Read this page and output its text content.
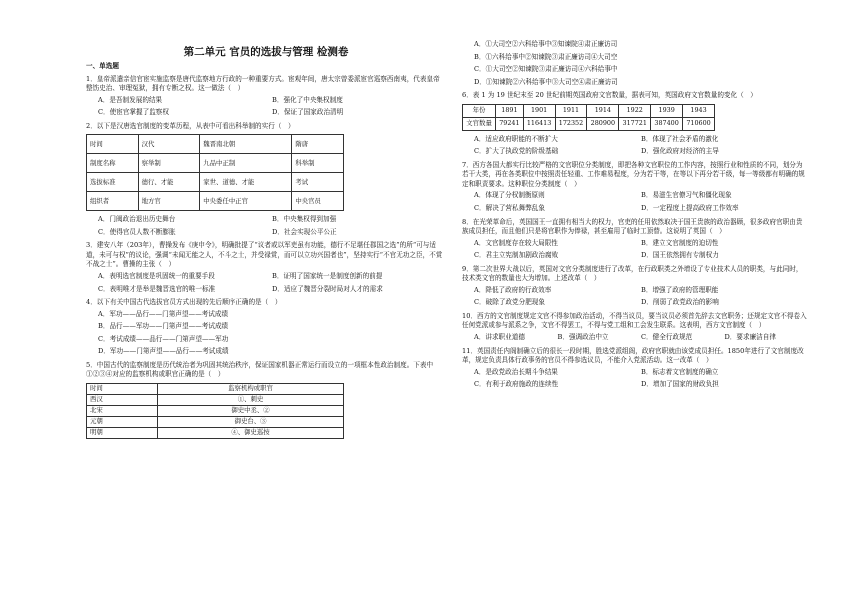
第二单元 官员的选拔与管理 检测卷
一、单选题
1．皇帝派遣亲信官宦实施监察是唐代监察地方行政的一种重要方式。宦观年间，唐太宗曾委派宦官巡察西南夷，代表皇帝整饬史治、审理冤狱，拥有专断之权。这一做法（　）
A．是吾制发展的结果	B．强化了中央集权制度
C．使宦官掌握了监察权	D．保证了国家政治清明
2．以下是汉唐选官制度的变革历程，从表中可看出科举制的实行（　）
时间	汉代	魏晋南北朝	隋唐
制度名称	察举制	九品中正制	科举制
选拔标准	德行、才能	家世、道德、才能	考试
组织者	地方官	中央委任中正官	中央官员
A．门阀政治退出历史舞台	B．中央集权得到加强
C．使得官员人数不断膨胀	D．社会实现公平公正
3．建安八年（203年），曹操发布《庚申令》，明确批提了“议者或以军吏虽有功能，德行不足堪任郡国之选”的所“可与适道，未可与权”的议论，强调“未闻无能之人，不斗之士，并受禄赏，而可以立功兴国者也”，坚持实行“不官无功之臣，不赏不战之士”。曹操的主张（　）
A．表明选官制度是巩固统一的重要手段	B．证明了国家统一是制度创新的前提
C．表明唯才是举是魏晋选官的唯一标准	D．适应了魏晋分裂时局对人才的需求
4．以下有关中国古代选拔官员方式出现的先后顺序正确的是（　）
A．军功——品行——门第声望——考试成绩
B．品行——军功——门第声望——考试成绩
C．考试成绩——品行——门第声望——军功
D．军功——门第声望——品行——考试成绩
5．中国古代的监察制度是历代统治者为巩固其统治秩序，保证国家机器正常运行而设立的一项框本性政治制度。下表中①②③④对应的监察机构或职官正确的是（　）
时间	监察机构或职官
西汉	①、刺史
北宋	御史中丞、②
元朝	御史台、③
明朝	④、御史巡按
A．①大司空②六科给事中③知谏院④肃正廉访司
B．①六科给事中②知谏院③肃正廉访司④大司空
C．①大司空②知谏院③肃正廉访司④六科给事中
D．①知谏院②六科给事中③大司空④肃正廉访司
6．表 1 为 19 世纪末至 20 世纪前期英国政府文官数量，据表可知，英国政府文官数量的变化（　）
年份	1891	1901	1911	1914	1922	1939	1943
文官数量	79241	116413	172352	280900	317721	387400	710600
A．适应政府职能的不断扩大	B．体现了社会矛盾的激化
C．扩大了执政党的阶级基础	D．强化政府对经济的主导
7．西方各国大都实行比较严格的文官职位分类制度，即把各种文官职位的工作内容，按照行业和性质的不同，划分为若干大类，再在各类职位中按照责任轻重、工作难易程度，分为若干等，在等以下再分若干级，每一等级都有明确的规定和职责要求。这种职位分类制度（　）
A．体现了分权制衡原则	B．易滋生官僚习气和僵化现象
C．解决了营私舞弊乱象	D．一定程度上提高政府工作效率
8．在光荣革命后，英国国王一直拥有相当大的权力，官吏的任用依然取决于国王贵族的政治器顾，很多政府官职由贵族成员担任，而且他们只是将官职作为俸禄，甚至雇用了临时工顶替。这说明了英国（　）
A．文官制度存在较大局限性	B．建立文官制度的迫切性
C．君主立宪制加剧政治腐败	D．国王依然拥有专制权力
9．第二次世界大战以后，英国对文官分类制度进行了改革，在行政职类之外增设了专业技术人员的职类，与此同时，技术类文官的数量也大为增加。上述改革（　）
A．降低了政府的行政效率	B．增强了政府的管理职能
C．破除了政党分肥现象	D．削弱了政党政治的影响
10．西方的文官制度规定文官不得参加政治活动，不得当议员，要当议员必须首先辞去文官职务；还规定文官不得卷入任何党派或参与派系之争，文官不得罢工，不得与党工组和工会发生联系。这表明，西方文官制度（　）
A．讲求职业道德	B．强调政治中立	C．健全行政规范	D．要求廉洁自律
11．英国责任内阁制确立后的很长一段时期，胜选党派组阁，政府官职就由该党成员担任。1850年进行了文官制度改革，规定负责具体行政事务的官员不得参选议员，不能介入党派活动。这一改革（　）
A．是政党政治长期斗争结果	B．标志着文官制度的确立
C．有利于政府施政的连续性	D．增加了国家的财政负担
